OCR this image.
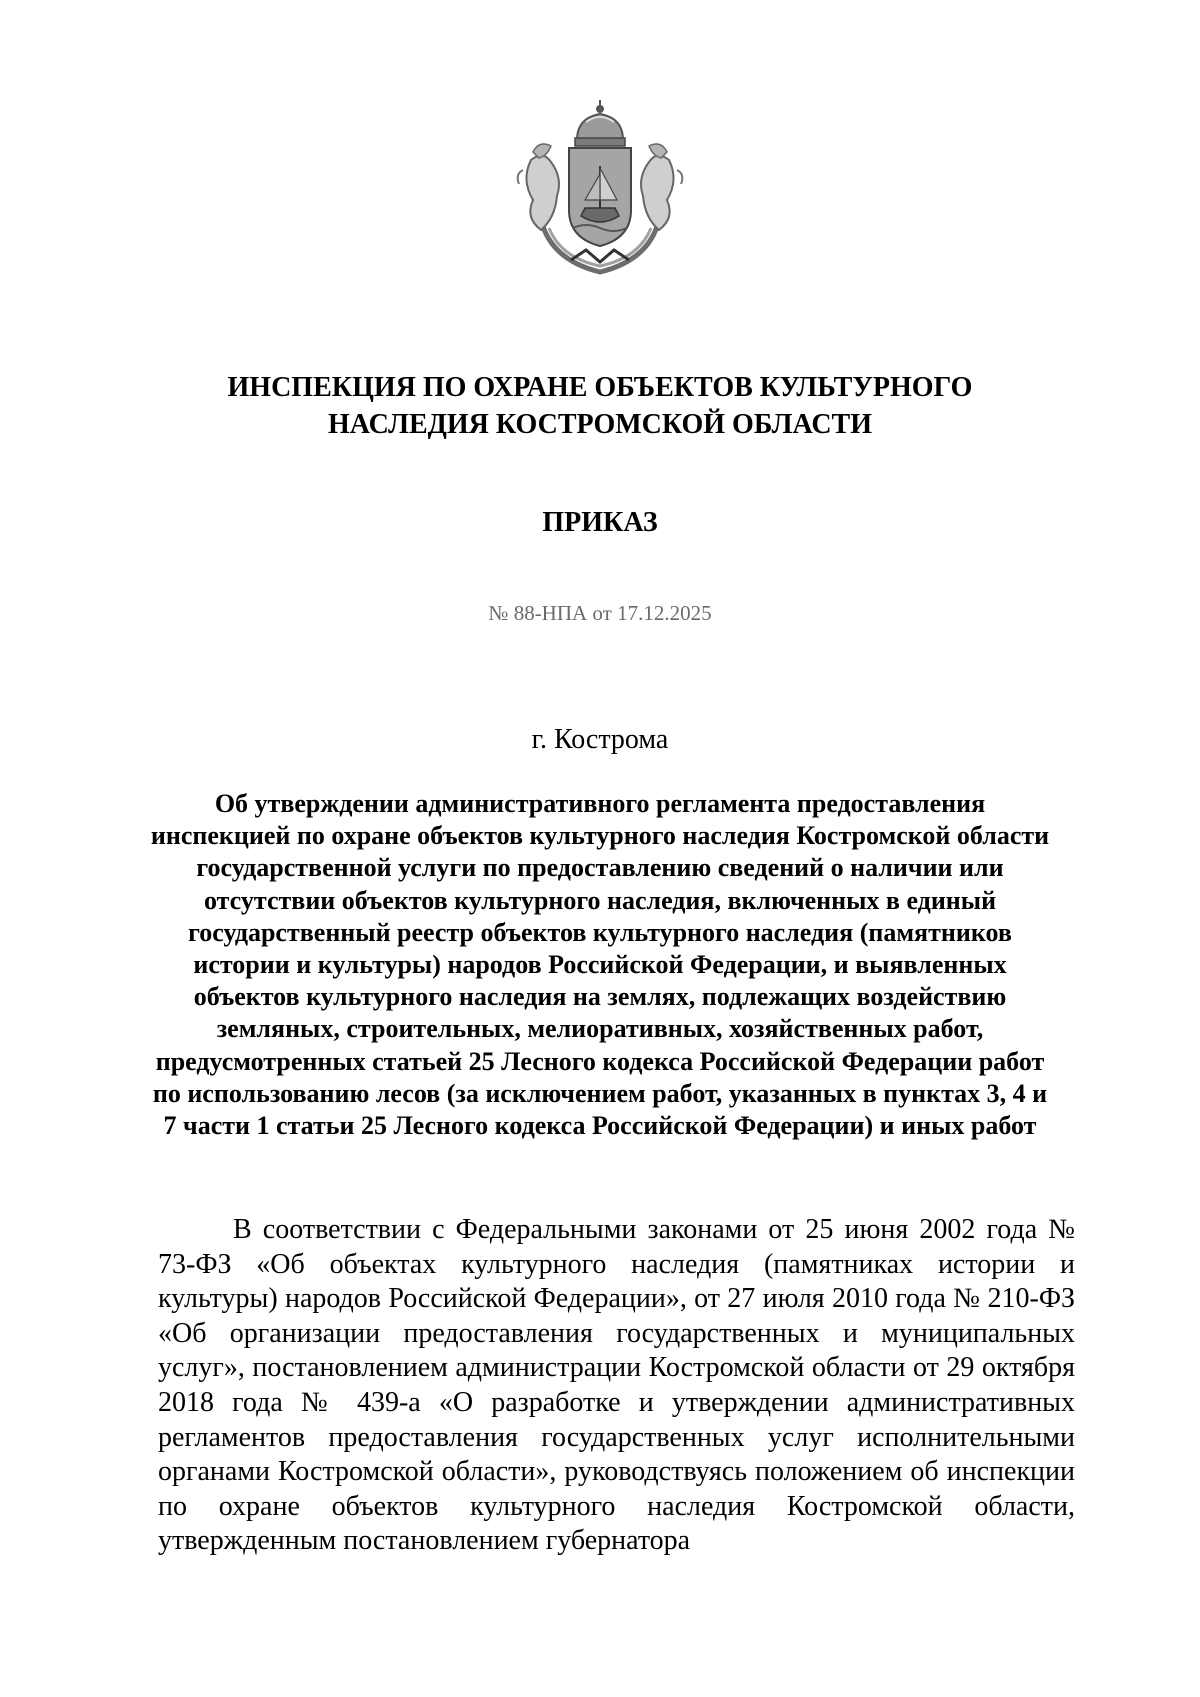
ИНСПЕКЦИЯ ПО ОХРАНЕ ОБЪЕКТОВ КУЛЬТУРНОГО
НАСЛЕДИЯ КОСТРОМСКОЙ ОБЛАСТИ
ПРИКАЗ
№ 88-НПА от 17.12.2025
г. Кострома
Об утверждении административного регламента предоставления инспекцией по охране объектов культурного наследия Костромской области государственной услуги по предоставлению сведений о наличии или отсутствии объектов культурного наследия, включенных в единый государственный реестр объектов культурного наследия (памятников истории и культуры) народов Российской Федерации, и выявленных объектов культурного наследия на землях, подлежащих воздействию земляных, строительных, мелиоративных, хозяйственных работ, предусмотренных статьей 25 Лесного кодекса Российской Федерации работ по использованию лесов (за исключением работ, указанных в пунктах 3, 4 и 7 части 1 статьи 25 Лесного кодекса Российской Федерации) и иных работ

В соответствии с Федеральными законами от 25 июня 2002 года № 73-ФЗ «Об объектах культурного наследия (памятниках истории и культуры) народов Российской Федерации», от 27 июля 2010 года № 210-ФЗ «Об организации предоставления государственных и муниципальных услуг», постановлением администрации Костромской области от 29 октября 2018 года № 439-а «О разработке и утверждении административных регламентов предоставления государственных услуг исполнительными органами Костромской области», руководствуясь положением об инспекции по охране объектов культурного наследия Костромской области, утвержденным постановлением губернатора
